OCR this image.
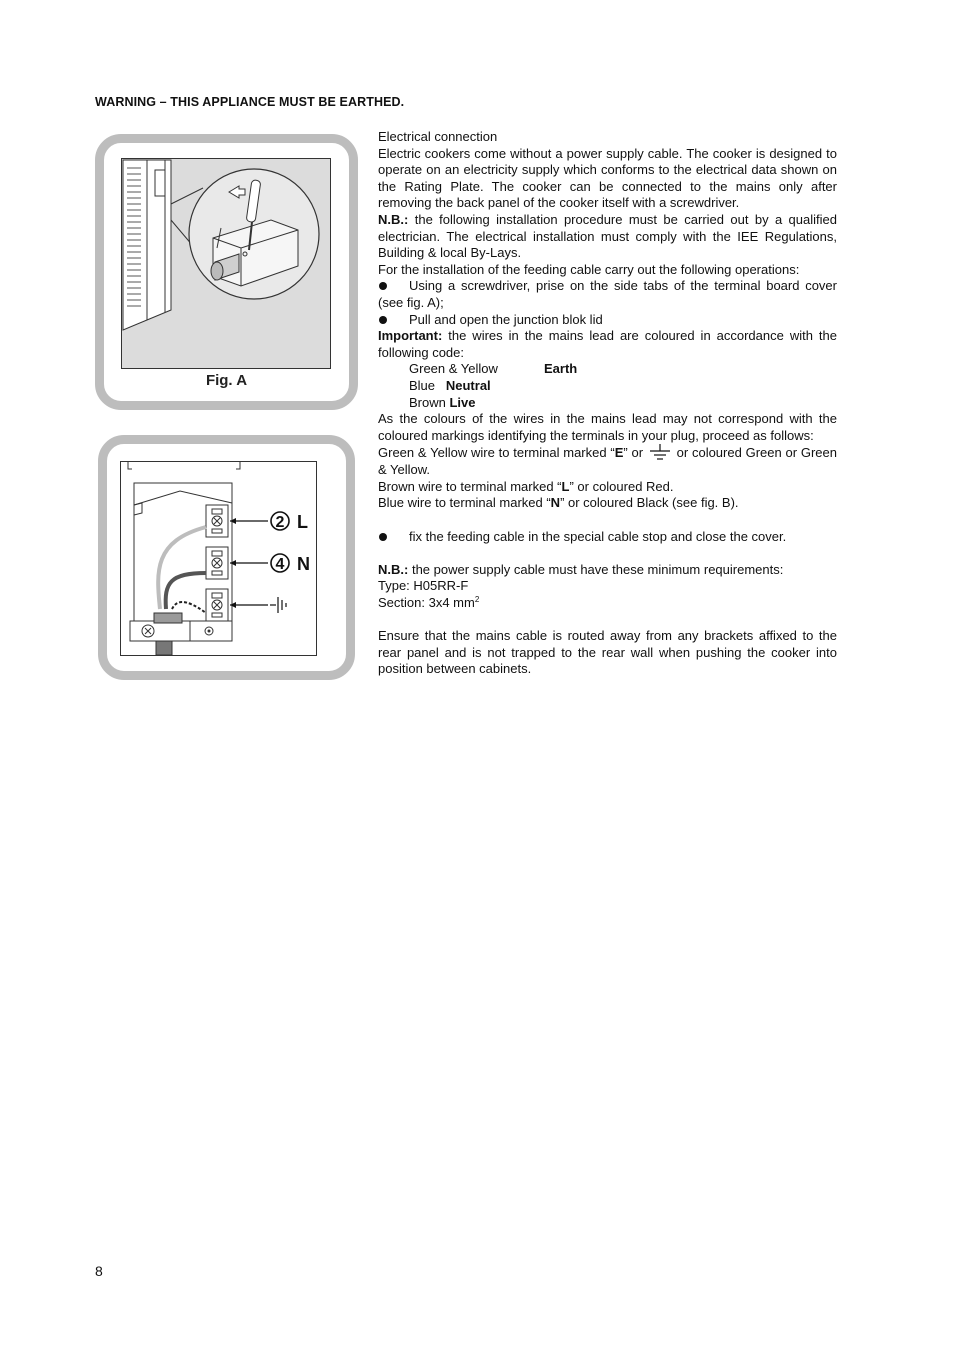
WARNING – THIS APPLIANCE MUST BE EARTHED.
Fig. A
2 L
4 N

Electrical connection

Electric cookers come without a power supply cable. The cooker is designed to operate on an electricity supply which conforms to the electrical data shown on the Rating Plate. The cooker can be connected to the mains only after removing the back panel of the cooker itself with a screwdriver.

N.B.: the following installation procedure must be carried out by a qualified electrician. The electrical installation must comply with the IEE Regulations, Building & local By-Lays.

For the installation of the feeding cable carry out the following operations:

Using a screwdriver, prise on the side tabs of the terminal board cover (see fig. A);

Pull and open the junction blok lid

Important: the wires in the mains lead are coloured in accordance with the following code:

Green & Yellow	Earth
Blue Neutral
Brown Live

As the colours of the wires in the mains lead may not correspond with the coloured markings identifying the terminals in your plug, proceed as follows:

Green & Yellow wire to terminal marked “E” or	or coloured Green or Green & Yellow.

Brown wire to terminal marked “L” or coloured Red.

Blue wire to terminal marked “N” or coloured Black (see fig. B).

fix the feeding cable in the special cable stop and close the cover.

N.B.: the power supply cable must have these minimum requirements:

Type: H05RR-F

Section: 3x4 $mm^2$

Ensure that the mains cable is routed away from any brackets affixed to the rear panel and is not trapped to the rear wall when pushing the cooker into position between cabinets.

8
